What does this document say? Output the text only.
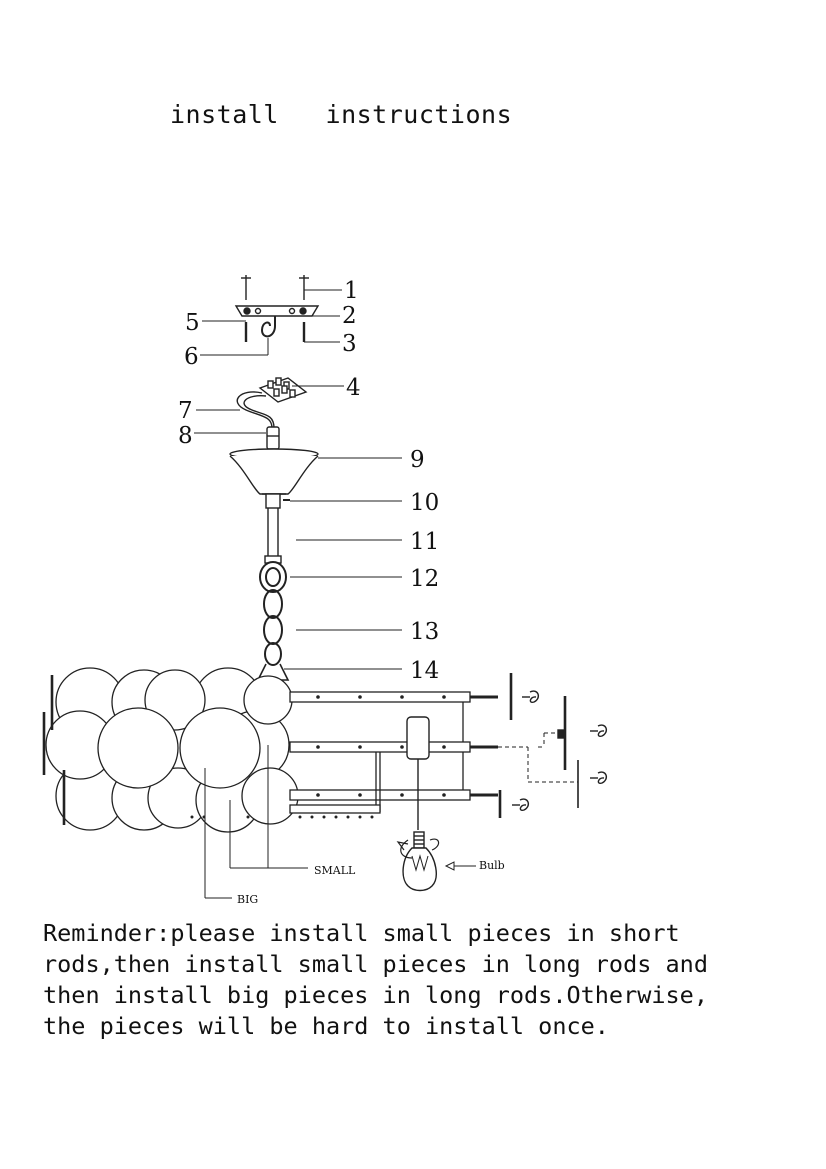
install   instructions
1
2
3
4
5
6
7
8
9
10
11
12
13
14
SMALL
BIG
Bulb
Reminder:please install small pieces in short
rods,then install small pieces in long rods and
then install big pieces in long rods.Otherwise,
the pieces will be hard to install once.
